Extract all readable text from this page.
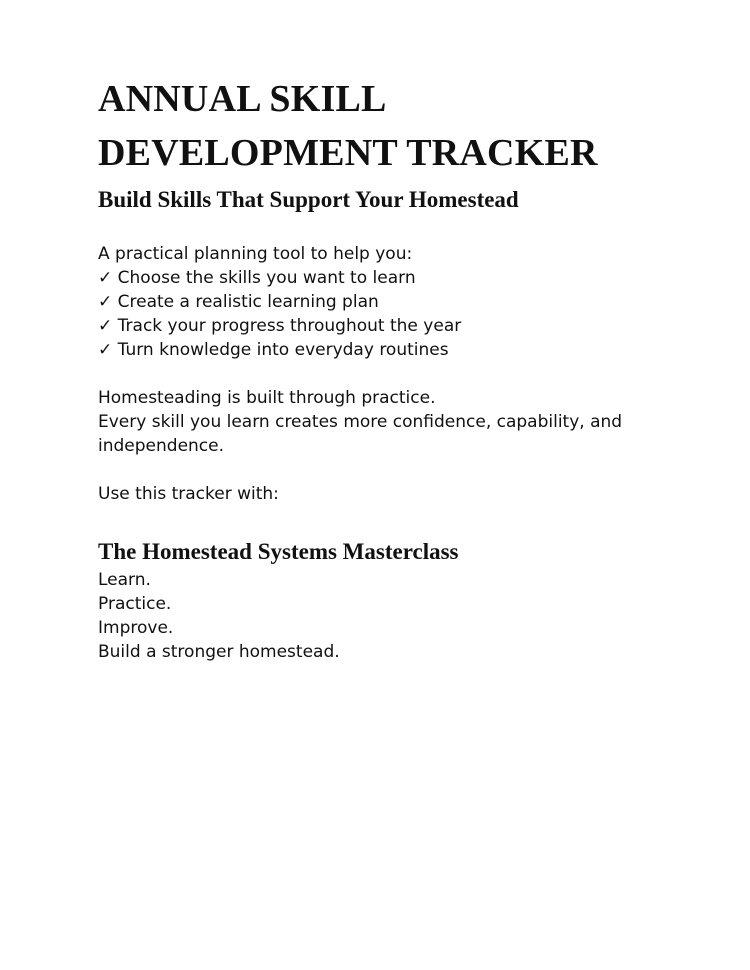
ANNUAL SKILL DEVELOPMENT TRACKER
Build Skills That Support Your Homestead
A practical planning tool to help you:
✓ Choose the skills you want to learn
✓ Create a realistic learning plan
✓ Track your progress throughout the year
✓ Turn knowledge into everyday routines
Homesteading is built through practice.
Every skill you learn creates more confidence, capability, and independence.

Use this tracker with:

The Homestead Systems Masterclass
Learn.
Practice.
Improve.
Build a stronger homestead.
